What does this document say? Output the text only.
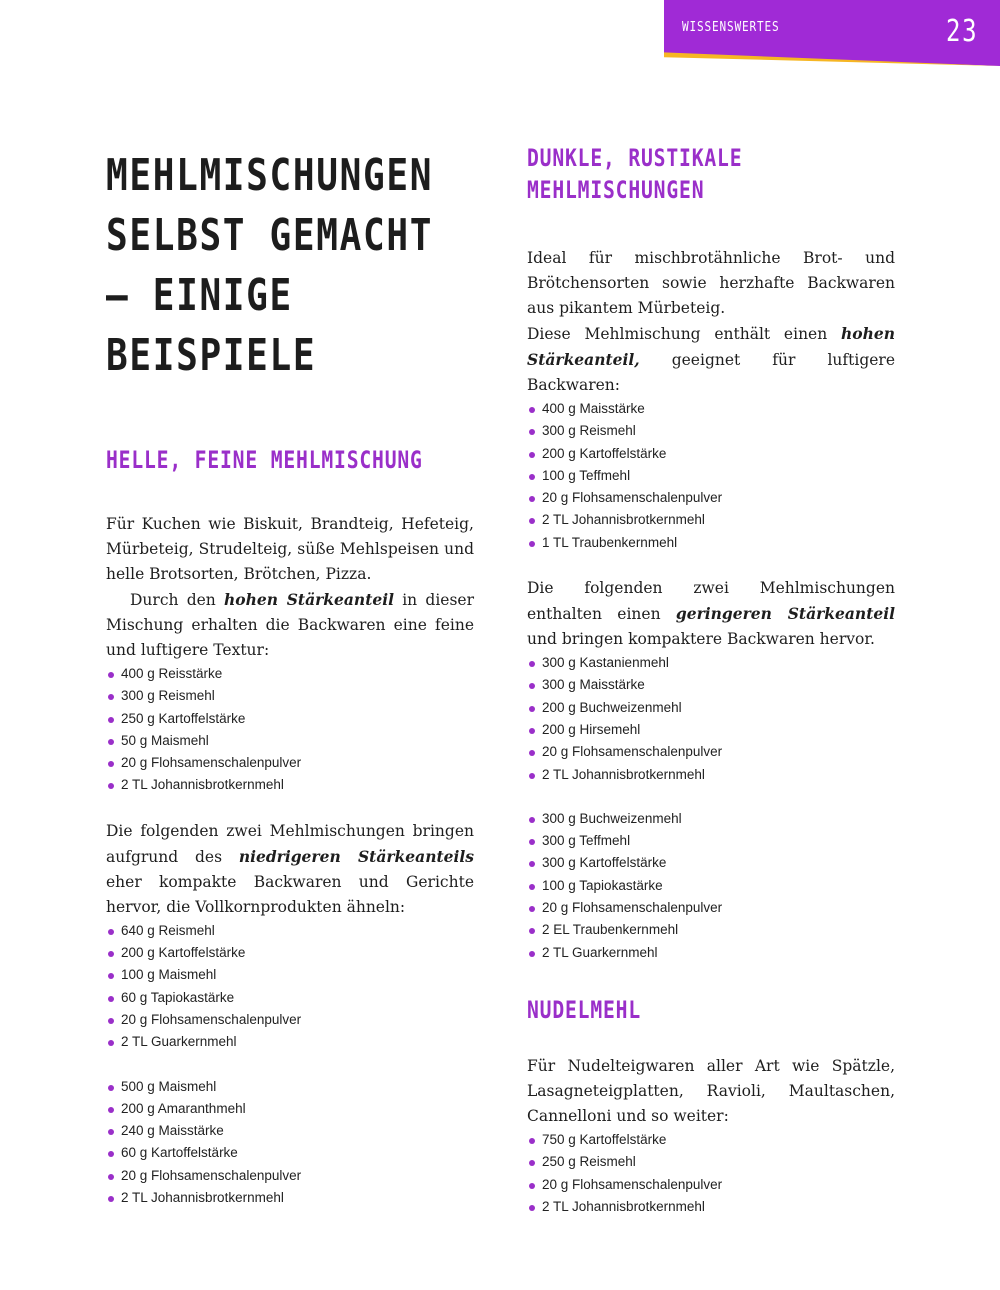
WISSENSWERTES	23
MEHLMISCHUNGEN SELBST GEMACHT – EINIGE BEISPIELE
HELLE, FEINE MEHLMISCHUNG

Für Kuchen wie Biskuit, Brandteig, Hefeteig, Mürbeteig, Strudelteig, süße Mehlspeisen und helle Brotsorten, Brötchen, Pizza.

Durch den hohen Stärkeanteil in dieser Mischung erhalten die Backwaren eine feine und luftigere Textur:

400 g Reisstärke
300 g Reismehl
250 g Kartoffelstärke
50 g Maismehl
20 g Flohsamenschalenpulver
2 TL Johannisbrotkernmehl

Die folgenden zwei Mehlmischungen bringen aufgrund des niedrigeren Stärkeanteils eher kompakte Backwaren und Gerichte hervor, die Vollkornprodukten ähneln:

640 g Reismehl
200 g Kartoffelstärke
100 g Maismehl
60 g Tapiokastärke
20 g Flohsamenschalenpulver
2 TL Guarkernmehl
500 g Maismehl
200 g Amaranthmehl
240 g Maisstärke
60 g Kartoffelstärke
20 g Flohsamenschalenpulver
2 TL Johannisbrotkernmehl
DUNKLE, RUSTIKALE MEHLMISCHUNGEN

Ideal für mischbrotähnliche Brot- und Brötchensorten sowie herzhafte Backwaren aus pikantem Mürbeteig.

Diese Mehlmischung enthält einen hohen Stärkeanteil, geeignet für luftigere Backwaren:

400 g Maisstärke
300 g Reismehl
200 g Kartoffelstärke
100 g Teffmehl
20 g Flohsamenschalenpulver
2 TL Johannisbrotkernmehl
1 TL Traubenkernmehl

Die folgenden zwei Mehlmischungen enthalten einen geringeren Stärkeanteil und bringen kompaktere Backwaren hervor.

300 g Kastanienmehl
300 g Maisstärke
200 g Buchweizenmehl
200 g Hirsemehl
20 g Flohsamenschalenpulver
2 TL Johannisbrotkernmehl
300 g Buchweizenmehl
300 g Teffmehl
300 g Kartoffelstärke
100 g Tapiokastärke
20 g Flohsamenschalenpulver
2 EL Traubenkernmehl
2 TL Guarkernmehl
NUDELMEHL

Für Nudelteigwaren aller Art wie Spätzle, Lasagneteigplatten, Ravioli, Maultaschen, Cannelloni und so weiter:

750 g Kartoffelstärke
250 g Reismehl
20 g Flohsamenschalenpulver
2 TL Johannisbrotkernmehl
